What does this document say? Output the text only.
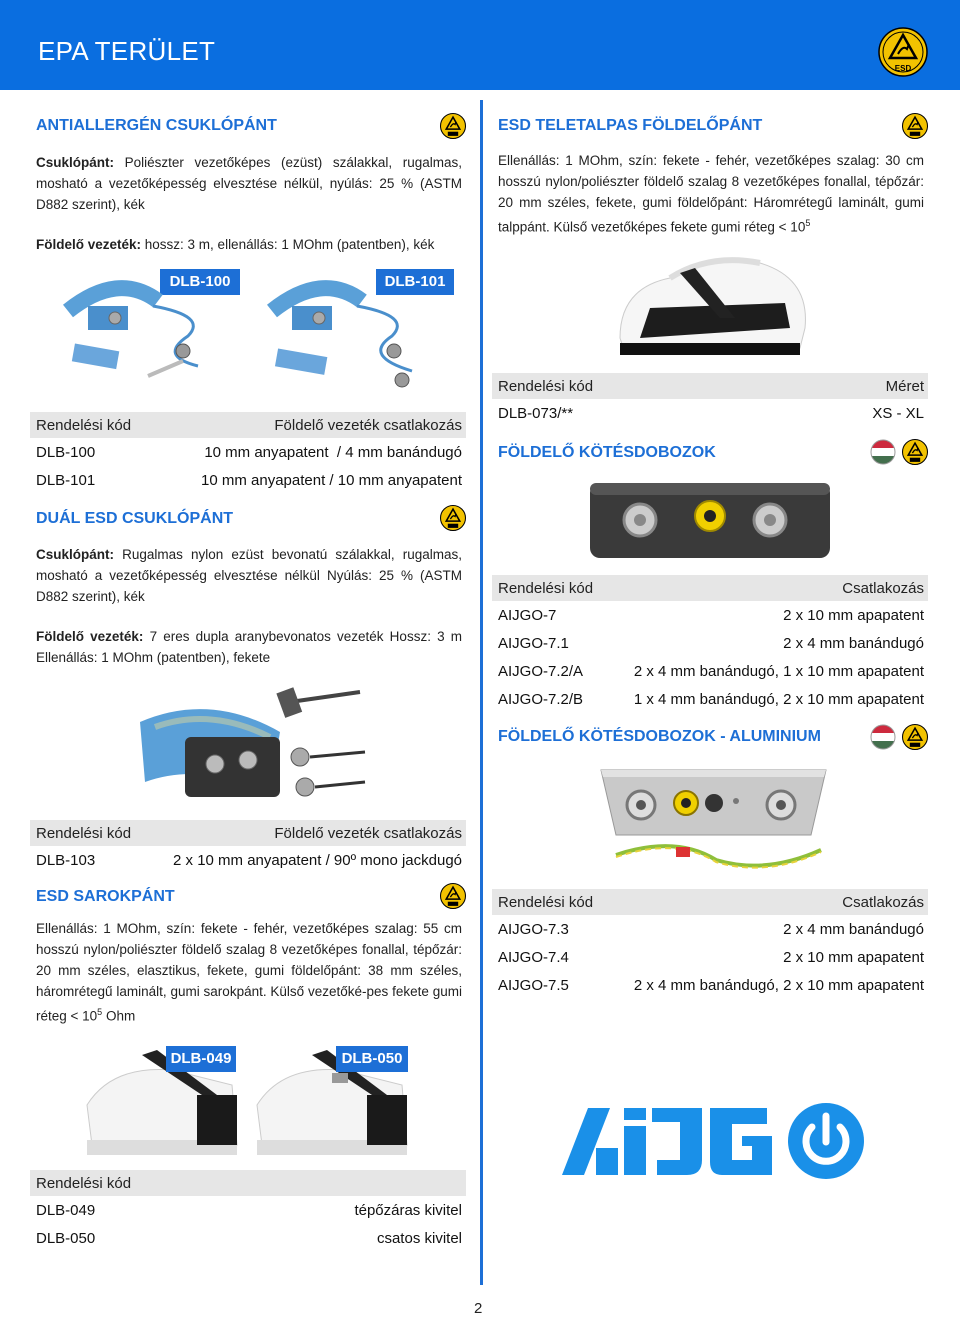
EPA TERÜLET
ESD
ANTIALLERGÉN CSUKLÓPÁNT
Csuklópánt: Poliészter vezetőképes (ezüst) szálakkal, rugalmas, mosható a vezetőképesség elvesztése nélkül, nyúlás: 25 % (ASTM D882 szerint), kék
Földelő vezeték: hossz: 3 m, ellenállás: 1 MOhm (patentben), kék
DLB-100	DLB-101
Rendelési kód	Földelő vezeték csatlakozás
DLB-100	10 mm anyapatent  / 4 mm banándugó
DLB-101	10 mm anyapatent / 10 mm anyapatent
DUÁL ESD CSUKLÓPÁNT
Csuklópánt: Rugalmas nylon ezüst bevonatú szálakkal, rugalmas, mosható a vezetőképesség elvesztése nélkül Nyúlás: 25 % (ASTM D882 szerint), kék
Földelő vezeték: 7 eres dupla aranybevonatos vezeték Hossz: 3 m Ellenállás: 1 MOhm (patentben), fekete
Rendelési kód	Földelő vezeték csatlakozás
DLB-103	2 x 10 mm anyapatent / 90º mono jackdugó
ESD SAROKPÁNT
Ellenállás: 1 MOhm, szín: fekete - fehér, vezetőképes szalag: 55 cm hosszú nylon/poliészter földelő szalag 8 vezetőképes fonallal, tépőzár: 20 mm széles, elasztikus, fekete, gumi földelőpánt: 38 mm széles, háromrétegű laminált, gumi sarokpánt. Külső vezetőké-pes fekete gumi réteg < $10^5$ Ohm
DLB-049	DLB-050
Rendelési kód
DLB-049	tépőzáras kivitel
DLB-050	csatos kivitel
ESD TELETALPAS FÖLDELŐPÁNT
Ellenállás: 1 MOhm, szín: fekete - fehér, vezetőképes szalag: 30 cm hosszú nylon/poliészter földelő szalag 8 vezetőképes fonallal, tépőzár: 20 mm széles, fekete, gumi földelőpánt: Háromrétegű laminált, gumi talppánt. Külső vezetőképes fekete gumi réteg < $10^5$
Rendelési kód	Méret
DLB-073/**	XS - XL
FÖLDELŐ KÖTÉSDOBOZOK
Rendelési kód	Csatlakozás
AIJGO-7	2 x 10 mm apapatent
AIJGO-7.1	2 x 4 mm banándugó
AIJGO-7.2/A	2 x 4 mm banándugó, 1 x 10 mm apapatent
AIJGO-7.2/B	1 x 4 mm banándugó, 2 x 10 mm apapatent
FÖLDELŐ KÖTÉSDOBOZOK - ALUMINIUM
Rendelési kód	Csatlakozás
AIJGO-7.3	2 x 4 mm banándugó
AIJGO-7.4	2 x 10 mm apapatent
AIJGO-7.5	2 x 4 mm banándugó, 2 x 10 mm apapatent
2
